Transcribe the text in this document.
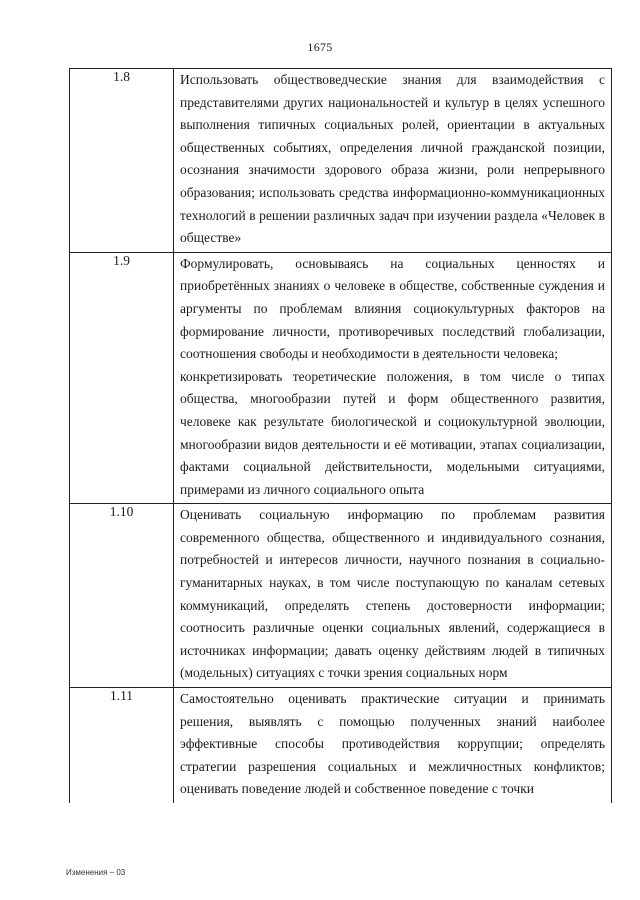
1675
1.8	Использовать обществоведческие знания для взаимодействия с представителями других национальностей и культур в целях успешного выполнения типичных социальных ролей, ориентации в актуальных общественных событиях, определения личной гражданской позиции, осознания значимости здорового образа жизни, роли непрерывного образования; использовать средства информационно-коммуникационных технологий в решении различных задач при изучении раздела «Человек в обществе»

1.9	Формулировать, основываясь на социальных ценностях и приобретённых знаниях о человеке в обществе, собственные суждения и аргументы по проблемам влияния социокультурных факторов на формирование личности, противоречивых последствий глобализации, соотношения свободы и необходимости в деятельности человека;
конкретизировать теоретические положения, в том числе о типах общества, многообразии путей и форм общественного развития, человеке как результате биологической и социокультурной эволюции, многообразии видов деятельности и её мотивации, этапах социализации, фактами социальной действительности, модельными ситуациями, примерами из личного социального опыта

1.10	Оценивать социальную информацию по проблемам развития современного общества, общественного и индивидуального сознания, потребностей и интересов личности, научного познания в социально-гуманитарных науках, в том числе поступающую по каналам сетевых коммуникаций, определять степень достоверности информации; соотносить различные оценки социальных явлений, содержащиеся в источниках информации; давать оценку действиям людей в типичных (модельных) ситуациях с точки зрения социальных норм

1.11	Самостоятельно оценивать практические ситуации и принимать решения, выявлять с помощью полученных знаний наиболее эффективные способы противодействия коррупции; определять стратегии разрешения социальных и межличностных конфликтов; оценивать поведение людей и собственное поведение с точки
Изменения – 03
